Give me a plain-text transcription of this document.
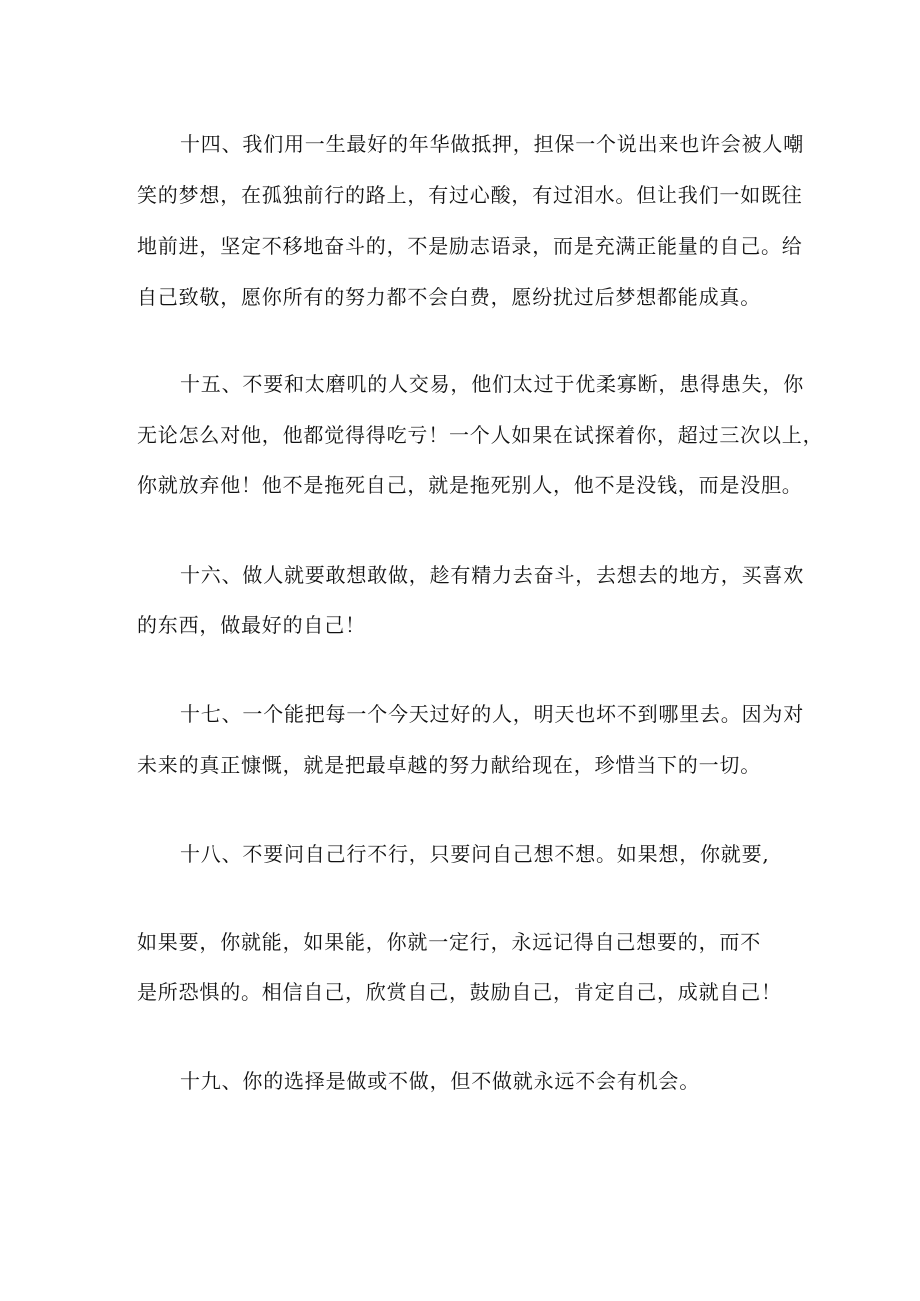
十四、我们用一生最好的年华做抵押，担保一个说出来也许会被人嘲
笑的梦想，在孤独前行的路上，有过心酸，有过泪水。但让我们一如既往
地前进，坚定不移地奋斗的，不是励志语录，而是充满正能量的自己。给
自己致敬，愿你所有的努力都不会白费，愿纷扰过后梦想都能成真。
十五、不要和太磨叽的人交易，他们太过于优柔寡断，患得患失，你
无论怎么对他，他都觉得得吃亏！一个人如果在试探着你，超过三次以上，
你就放弃他！他不是拖死自己，就是拖死别人，他不是没钱，而是没胆。
十六、做人就要敢想敢做，趁有精力去奋斗，去想去的地方，买喜欢
的东西，做最好的自己！
十七、一个能把每一个今天过好的人，明天也坏不到哪里去。因为对
未来的真正慷慨，就是把最卓越的努力献给现在，珍惜当下的一切。
十八、不要问自己行不行，只要问自己想不想。如果想，你就要,
如果要，你就能，如果能，你就一定行，永远记得自己想要的，而不
是所恐惧的。相信自己，欣赏自己，鼓励自己，肯定自己，成就自己！
十九、你的选择是做或不做，但不做就永远不会有机会。
